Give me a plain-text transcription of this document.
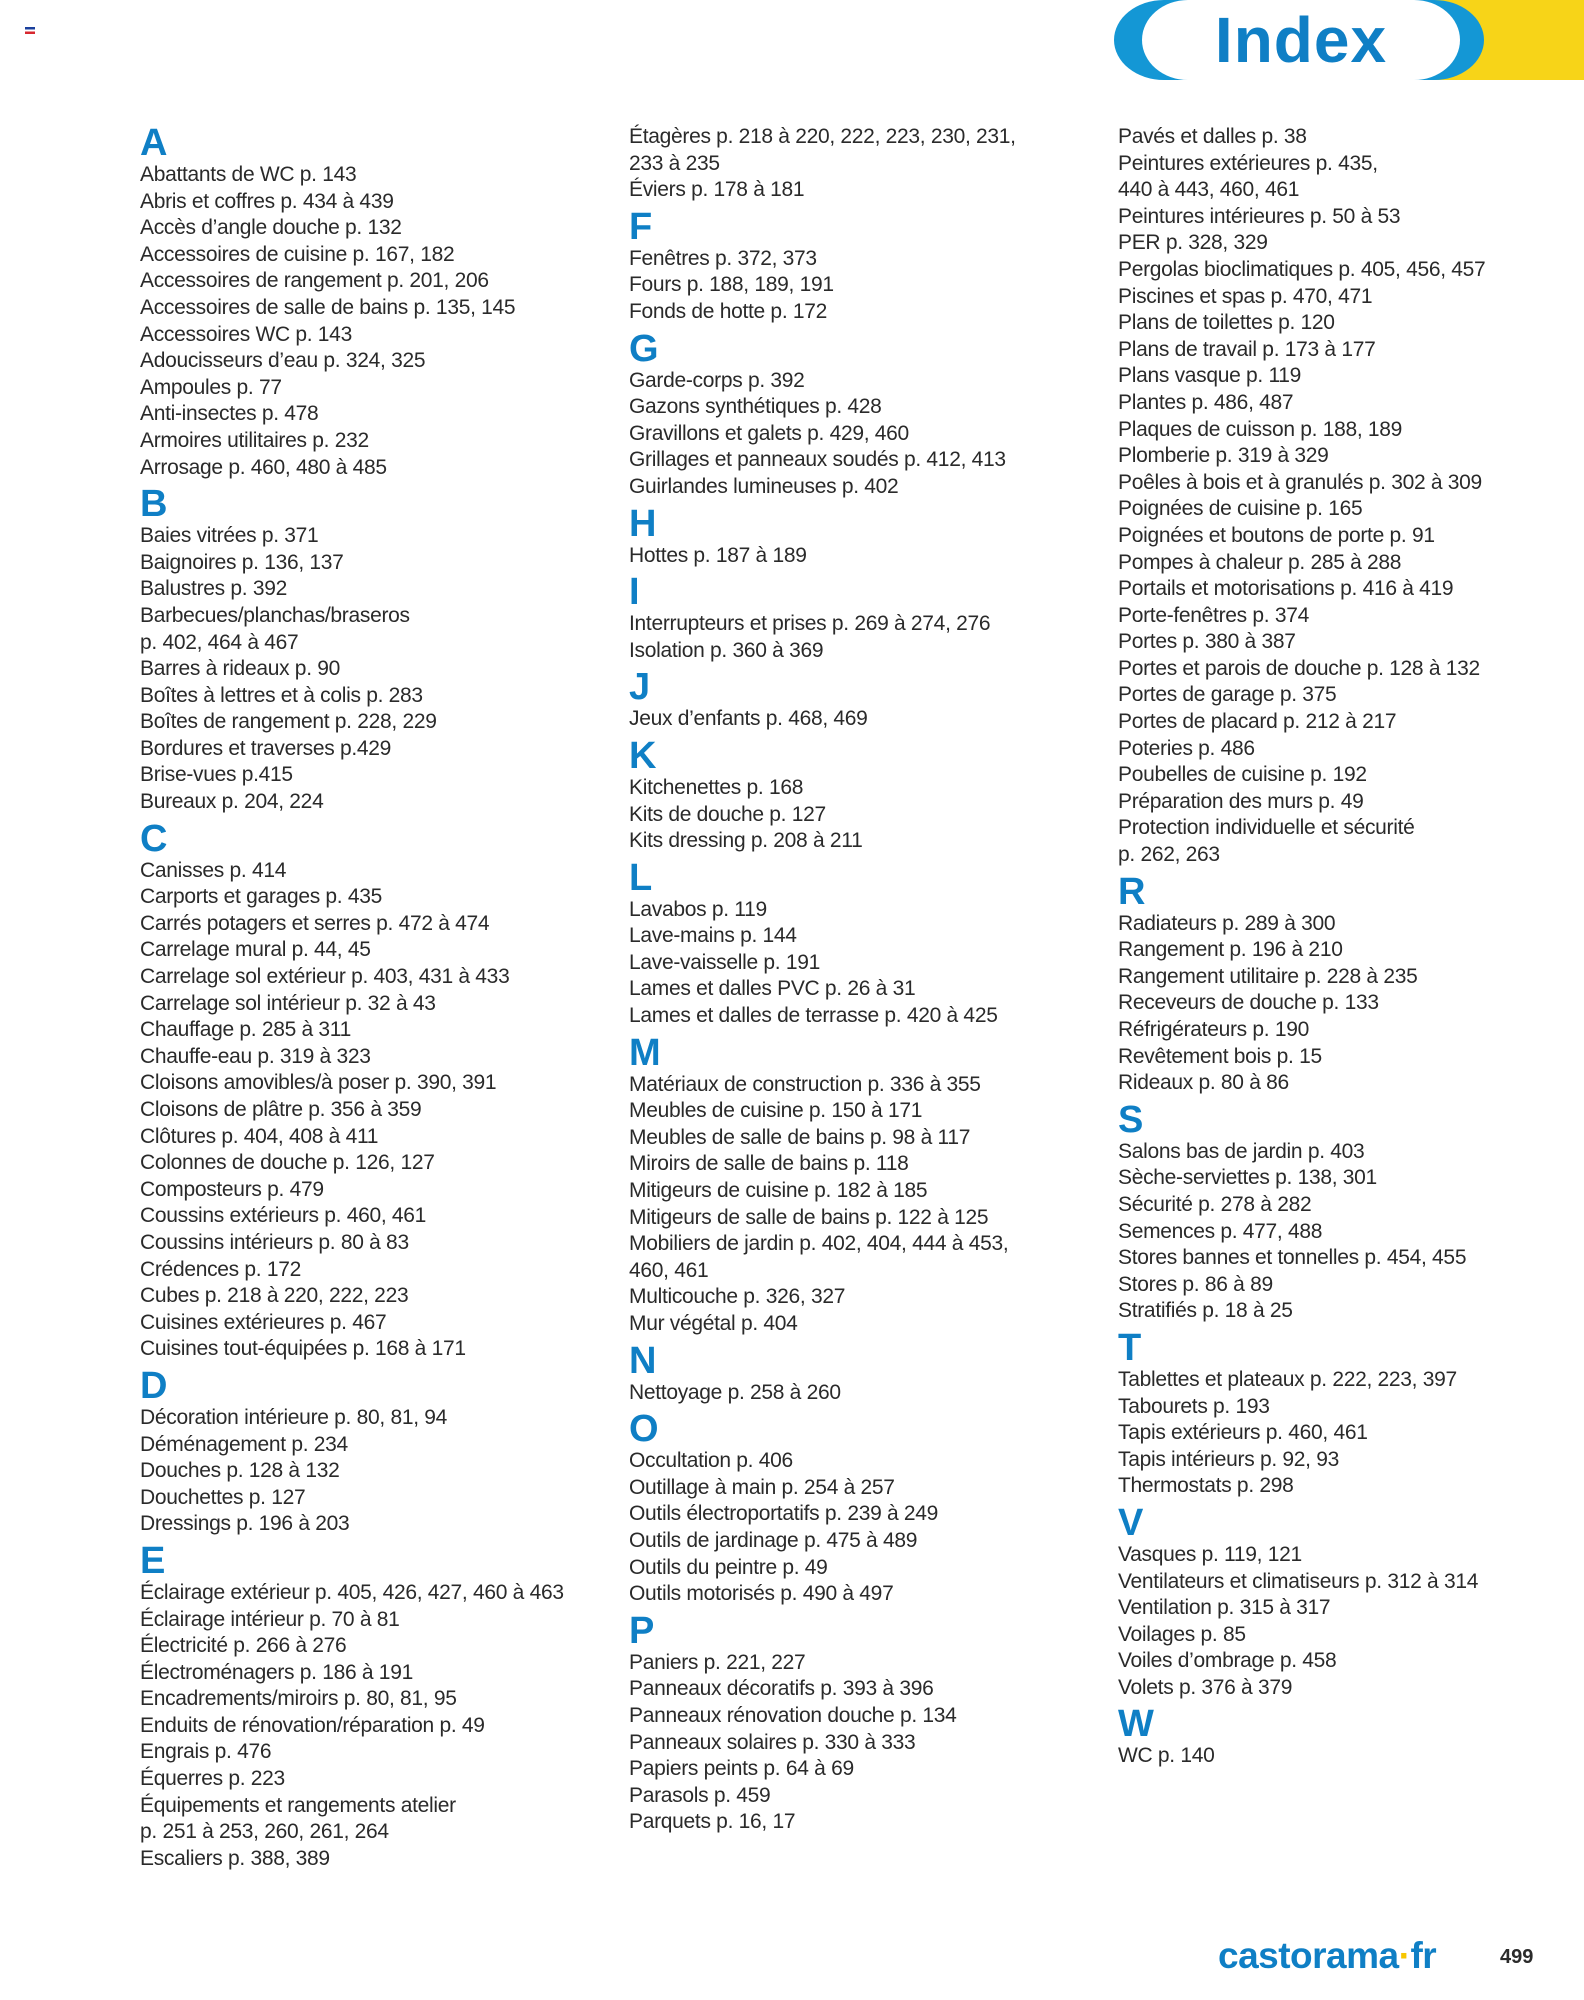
Index
A
Abattants de WC p. 143
Abris et coffres p. 434 à 439
Accès d’angle douche p. 132
Accessoires de cuisine p. 167, 182
Accessoires de rangement p. 201, 206
Accessoires de salle de bains p. 135, 145
Accessoires WC p. 143
Adoucisseurs d’eau p. 324, 325
Ampoules p. 77
Anti-insectes p. 478
Armoires utilitaires p. 232
Arrosage p. 460, 480 à 485
B
Baies vitrées p. 371
Baignoires p. 136, 137
Balustres p. 392
Barbecues/planchas/braseros
p. 402, 464 à 467
Barres à rideaux p. 90
Boîtes à lettres et à colis p. 283
Boîtes de rangement p. 228, 229
Bordures et traverses p.429
Brise-vues p.415
Bureaux p. 204, 224
C
Canisses p. 414
Carports et garages p. 435
Carrés potagers et serres p. 472 à 474
Carrelage mural p. 44, 45
Carrelage sol extérieur p. 403, 431 à 433
Carrelage sol intérieur p. 32 à 43
Chauffage p. 285 à 311
Chauffe-eau p. 319 à 323
Cloisons amovibles/à poser p. 390, 391
Cloisons de plâtre p. 356 à 359
Clôtures p. 404, 408 à 411
Colonnes de douche p. 126, 127
Composteurs p. 479
Coussins extérieurs p. 460, 461
Coussins intérieurs p. 80 à 83
Crédences p. 172
Cubes p. 218 à 220, 222, 223
Cuisines extérieures p. 467
Cuisines tout-équipées p. 168 à 171
D
Décoration intérieure p. 80, 81, 94
Déménagement p. 234
Douches p. 128 à 132
Douchettes p. 127
Dressings p. 196 à 203
E
Éclairage extérieur p. 405, 426, 427, 460 à 463
Éclairage intérieur p. 70 à 81
Électricité p. 266 à 276
Électroménagers p. 186 à 191
Encadrements/miroirs p. 80, 81, 95
Enduits de rénovation/réparation p. 49
Engrais p. 476
Équerres p. 223
Équipements et rangements atelier
p. 251 à 253, 260, 261, 264
Escaliers p. 388, 389
Étagères p. 218 à 220, 222, 223, 230, 231,
233 à 235
Éviers p. 178 à 181
F
Fenêtres p. 372, 373
Fours p. 188, 189, 191
Fonds de hotte p. 172
G
Garde-corps p. 392
Gazons synthétiques p. 428
Gravillons et galets p. 429, 460
Grillages et panneaux soudés p. 412, 413
Guirlandes lumineuses p. 402
H
Hottes p. 187 à 189
I
Interrupteurs et prises p. 269 à 274, 276
Isolation p. 360 à 369
J
Jeux d’enfants p. 468, 469
K
Kitchenettes p. 168
Kits de douche p. 127
Kits dressing p. 208 à 211
L
Lavabos p. 119
Lave-mains p. 144
Lave-vaisselle p. 191
Lames et dalles PVC p. 26 à 31
Lames et dalles de terrasse p. 420 à 425
M
Matériaux de construction p. 336 à 355
Meubles de cuisine p. 150 à 171
Meubles de salle de bains p. 98 à 117
Miroirs de salle de bains p. 118
Mitigeurs de cuisine p. 182 à 185
Mitigeurs de salle de bains p. 122 à 125
Mobiliers de jardin p. 402, 404, 444 à 453,
460, 461
Multicouche p. 326, 327
Mur végétal p. 404
N
Nettoyage p. 258 à 260
O
Occultation p. 406
Outillage à main p. 254 à 257
Outils électroportatifs p. 239 à 249
Outils de jardinage p. 475 à 489
Outils du peintre p. 49
Outils motorisés p. 490 à 497
P
Paniers p. 221, 227
Panneaux décoratifs p. 393 à 396
Panneaux rénovation douche p. 134
Panneaux solaires p. 330 à 333
Papiers peints p. 64 à 69
Parasols p. 459
Parquets p. 16, 17
Pavés et dalles p. 38
Peintures extérieures p. 435,
440 à 443, 460, 461
Peintures intérieures p. 50 à 53
PER p. 328, 329
Pergolas bioclimatiques p. 405, 456, 457
Piscines et spas p. 470, 471
Plans de toilettes p. 120
Plans de travail p. 173 à 177
Plans vasque p. 119
Plantes p. 486, 487
Plaques de cuisson p. 188, 189
Plomberie p. 319 à 329
Poêles à bois et à granulés p. 302 à 309
Poignées de cuisine p. 165
Poignées et boutons de porte p. 91
Pompes à chaleur p. 285 à 288
Portails et motorisations p. 416 à 419
Porte-fenêtres p. 374
Portes p. 380 à 387
Portes et parois de douche p. 128 à 132
Portes de garage p. 375
Portes de placard p. 212 à 217
Poteries p. 486
Poubelles de cuisine p. 192
Préparation des murs p. 49
Protection individuelle et sécurité
p. 262, 263
R
Radiateurs p. 289 à 300
Rangement p. 196 à 210
Rangement utilitaire p. 228 à 235
Receveurs de douche p. 133
Réfrigérateurs p. 190
Revêtement bois p. 15
Rideaux p. 80 à 86
S
Salons bas de jardin p. 403
Sèche-serviettes p. 138, 301
Sécurité p. 278 à 282
Semences p. 477, 488
Stores bannes et tonnelles p. 454, 455
Stores p. 86 à 89
Stratifiés p. 18 à 25
T
Tablettes et plateaux p. 222, 223, 397
Tabourets p. 193
Tapis extérieurs p. 460, 461
Tapis intérieurs p. 92, 93
Thermostats p. 298
V
Vasques p. 119, 121
Ventilateurs et climatiseurs p. 312 à 314
Ventilation p. 315 à 317
Voilages p. 85
Voiles d’ombrage p. 458
Volets p. 376 à 379
W
WC p. 140
castorama·fr	499
